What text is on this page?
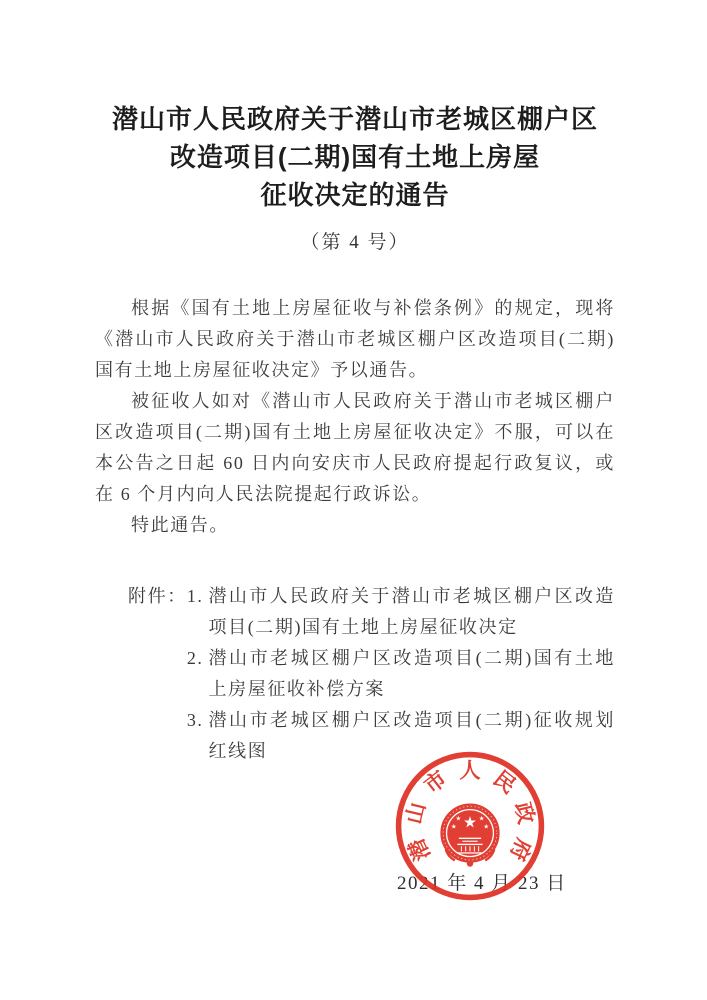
潜山市人民政府关于潜山市老城区棚户区
改造项目(二期)国有土地上房屋
征收决定的通告
（第 4 号）

根据《国有土地上房屋征收与补偿条例》的规定，现将《潜山市人民政府关于潜山市老城区棚户区改造项目(二期)国有土地上房屋征收决定》予以通告。

被征收人如对《潜山市人民政府关于潜山市老城区棚户区改造项目(二期)国有土地上房屋征收决定》不服，可以在本公告之日起 60 日内向安庆市人民政府提起行政复议，或在 6 个月内向人民法院提起行政诉讼。

特此通告。

附件： 1. 潜山市人民政府关于潜山市老城区棚户区改造项目(二期)国有土地上房屋征收决定
2. 潜山市老城区棚户区改造项目(二期)国有土地上房屋征收补偿方案
3. 潜山市老城区棚户区改造项目(二期)征收规划红线图
2021 年 4 月 23 日
潜
山
市 人 民
政
府
